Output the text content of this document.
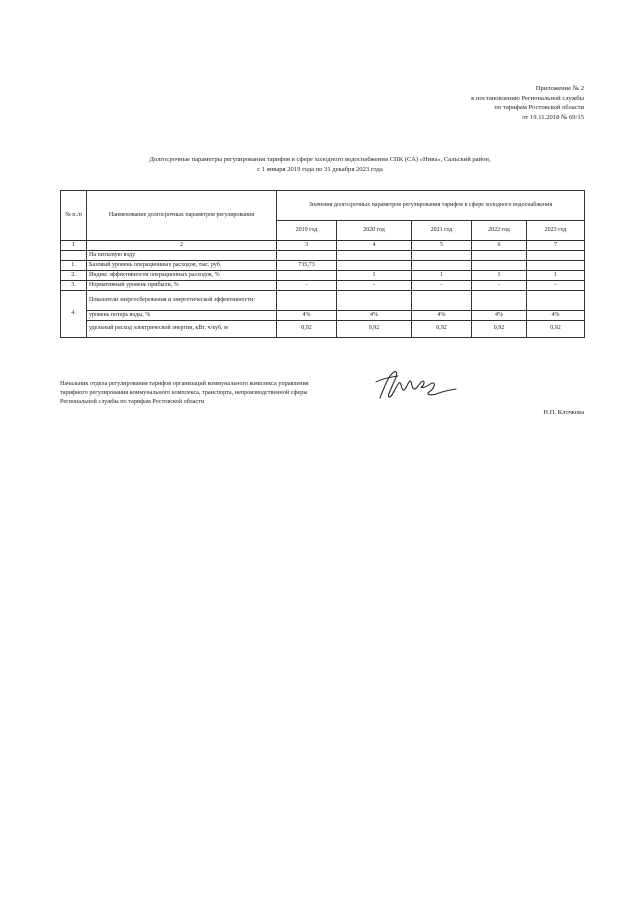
Приложение № 2
к постановлению Региональной службы
по тарифам Ростовской области
от 19.11.2018 № 69/15
Долгосрочные параметры регулирования тарифов в сфере холодного водоснабжения СПК (СА) «Нива», Сальский район,
с 1 января 2019 года по 31 декабря 2023 года
№ п./п	Наименование долгосрочных параметров регулирования	Значения долгосрочных параметров регулирования тарифов в сфере холодного водоснабжения				
		2019 год	2020 год	2021 год	2022 год	2023 год
1	2	3	4	5	6	7
	На питьевую воду					
1.	Базовый уровень операционных расходов, тыс. руб.	735,73				
2.	Индекс эффективности операционных расходов, %		1	1	1	1
3.	Нормативный уровень прибыли, %	-	-	-	-	-
4.	Показатели энергосбережения и энергетической эффективности:					
	уровень потерь воды, %	4%	4%	4%	4%	4%
	удельный расход электрической энергии, кВт. ч/куб. м	0,92	0,92	0,92	0,92	0,92
Начальник отдела регулирования тарифов организаций коммунального комплекса управления тарифного регулирования коммунального комплекса, транспорта, непроизводственной сферы Региональной службы по тарифам Ростовской области
Н.П. Клочкова
